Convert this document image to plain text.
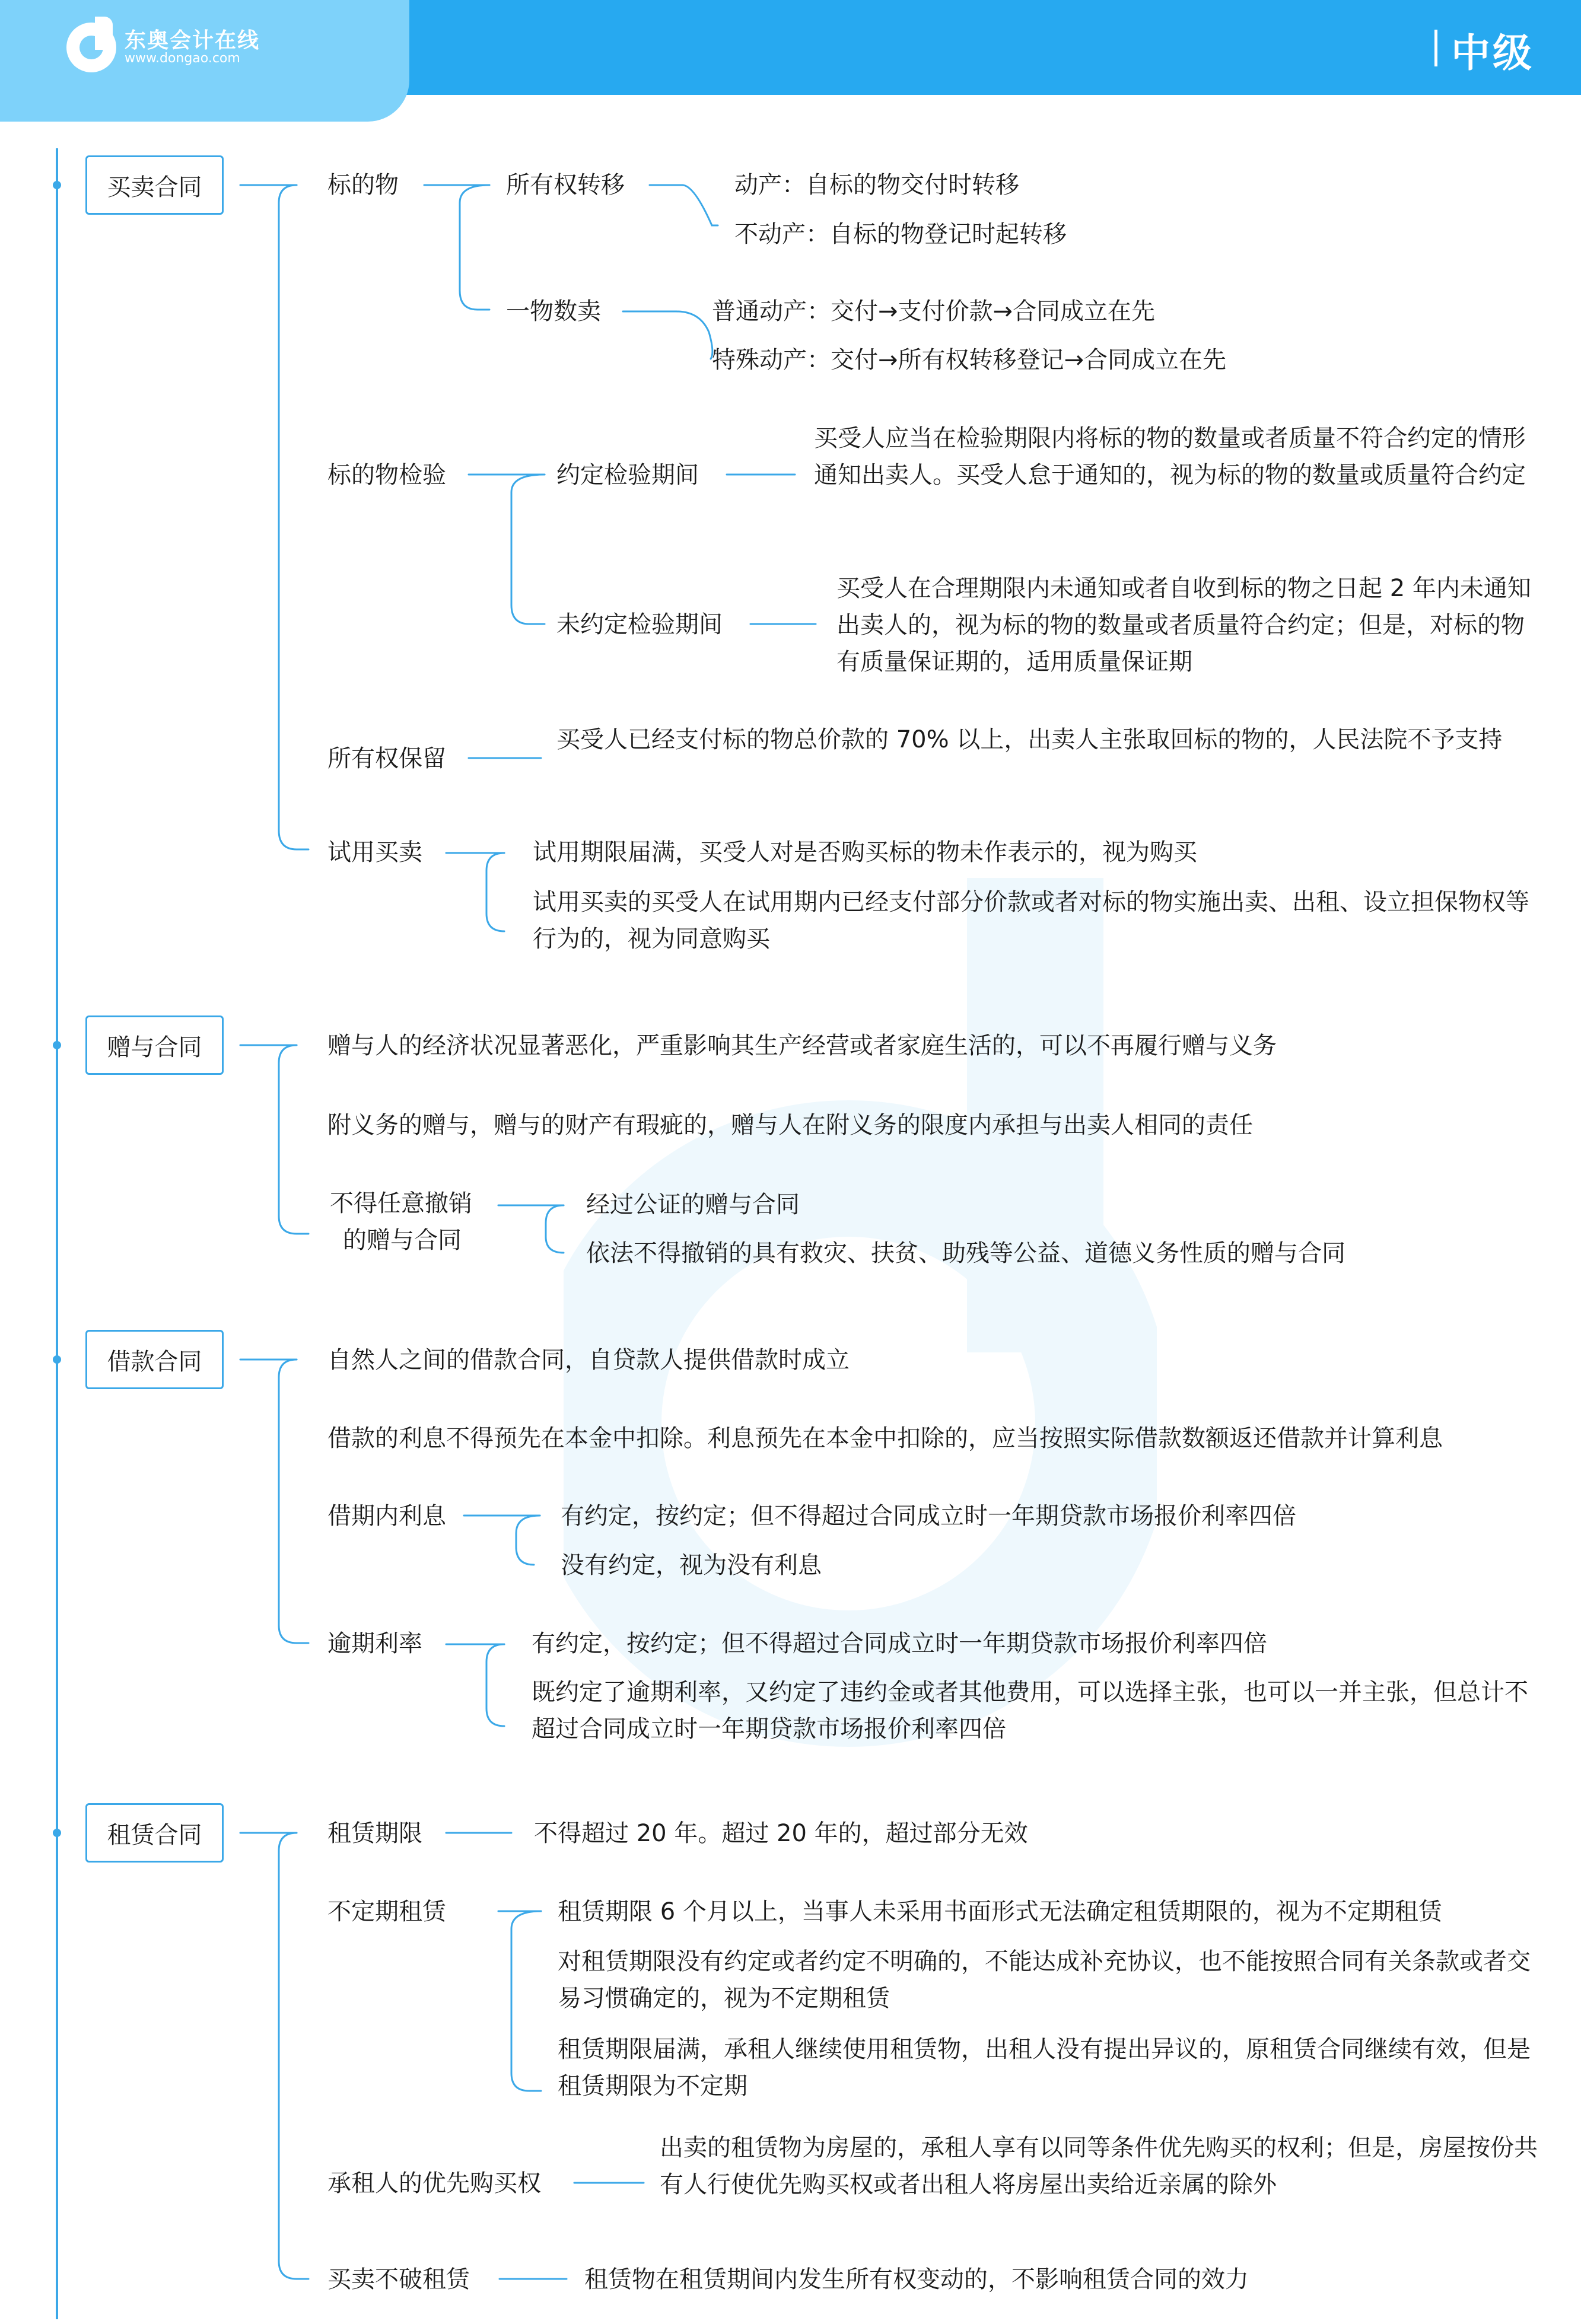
东奥会计在线
www.dongao.com	中级
买卖合同	标的物	所有权转移	动产：自标的物交付时转移
不动产：自标的物登记时起转移
一物数卖	普通动产：交付→支付价款→合同成立在先
特殊动产：交付→所有权转移登记→合同成立在先
标的物检验	约定检验期间
买受人应当在检验期限内将标的物的数量或者质量不符合约定的情形通知出卖人。买受人怠于通知的，视为标的物的数量或质量符合约定
未约定检验期间
买受人在合理期限内未通知或者自收到标的物之日起 2 年内未通知出卖人的，视为标的物的数量或者质量符合约定；但是，对标的物有质量保证期的，适用质量保证期
所有权保留
买受人已经支付标的物总价款的 70% 以上，出卖人主张取回标的物的，人民法院不予支持
试用买卖	试用期限届满，买受人对是否购买标的物未作表示的，视为购买
试用买卖的买受人在试用期内已经支付部分价款或者对标的物实施出卖、出租、设立担保物权等行为的，视为同意购买
赠与合同	赠与人的经济状况显著恶化，严重影响其生产经营或者家庭生活的，可以不再履行赠与义务
附义务的赠与，赠与的财产有瑕疵的，赠与人在附义务的限度内承担与出卖人相同的责任
不得任意撤销
的赠与合同
经过公证的赠与合同
依法不得撤销的具有救灾、扶贫、助残等公益、道德义务性质的赠与合同
借款合同	自然人之间的借款合同，自贷款人提供借款时成立
借款的利息不得预先在本金中扣除。利息预先在本金中扣除的，应当按照实际借款数额返还借款并计算利息
借期内利息	有约定，按约定；但不得超过合同成立时一年期贷款市场报价利率四倍
没有约定，视为没有利息
逾期利率	有约定，按约定；但不得超过合同成立时一年期贷款市场报价利率四倍
既约定了逾期利率，又约定了违约金或者其他费用，可以选择主张，也可以一并主张，但总计不超过合同成立时一年期贷款市场报价利率四倍
租赁合同	租赁期限	不得超过 20 年。超过 20 年的，超过部分无效
不定期租赁	租赁期限 6 个月以上，当事人未采用书面形式无法确定租赁期限的，视为不定期租赁
对租赁期限没有约定或者约定不明确的，不能达成补充协议，也不能按照合同有关条款或者交易习惯确定的，视为不定期租赁
租赁期限届满，承租人继续使用租赁物，出租人没有提出异议的，原租赁合同继续有效，但是租赁期限为不定期
承租人的优先购买权
出卖的租赁物为房屋的，承租人享有以同等条件优先购买的权利；但是，房屋按份共有人行使优先购买权或者出租人将房屋出卖给近亲属的除外
买卖不破租赁	租赁物在租赁期间内发生所有权变动的，不影响租赁合同的效力
